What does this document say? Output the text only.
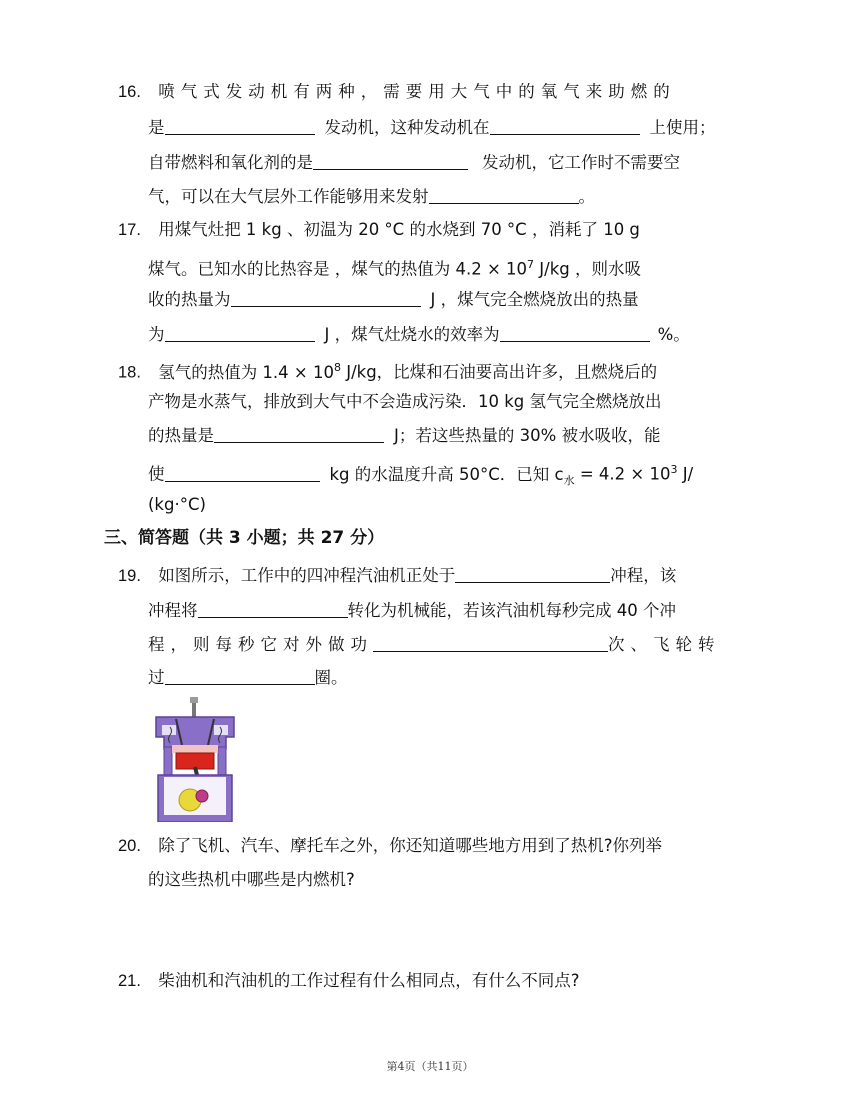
16. 喷气式发动机有两种，需要用大气中的氧气来助燃的
是	发动机，这种发动机在	上使用；
自带燃料和氧化剂的是	发动机，它工作时不需要空
气，可以在大气层外工作能够用来发射	。
17. 用煤气灶把 1 kg 、初温为 20 °C 的水烧到 70 °C ，消耗了 10 g
煤气。已知水的比热容是 ，煤气的热值为 $4.2 \times 10^7$ J/kg ，则水吸
收的热量为	J ，煤气完全燃烧放出的热量
为	J ，煤气灶烧水的效率为	%。
18. 氢气的热值为 $1.4 \times 10^8$ J/kg，比煤和石油要高出许多，且燃烧后的
产物是水蒸气，排放到大气中不会造成污染．10 kg 氢气完全燃烧放出
的热量是	J；若这些热量的 30% 被水吸收，能
使	kg 的水温度升高 50°C．已知 $c_水 = 4.2 \times 10^3$ J/
(kg·°C)
三、简答题（共 3 小题；共 27 分）
19. 如图所示，工作中的四冲程汽油机正处于	冲程，该
冲程将	转化为机械能，若该汽油机每秒完成 40 个冲
程，则每秒它对外做功	次、飞轮转
过	圈。
20. 除了飞机、汽车、摩托车之外，你还知道哪些地方用到了热机?你列举
的这些热机中哪些是内燃机?
21. 柴油机和汽油机的工作过程有什么相同点，有什么不同点?
第4页（共11页）
